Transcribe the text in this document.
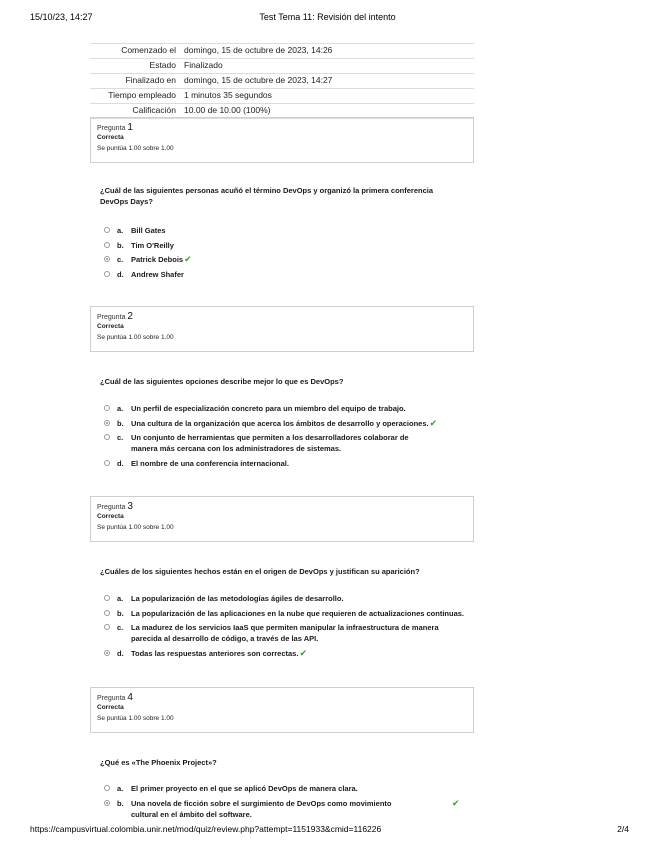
15/10/23, 14:27	Test Tema 11: Revisión del intento
Comenzado el domingo, 15 de octubre de 2023, 14:26
Estado Finalizado
Finalizado en domingo, 15 de octubre de 2023, 14:27
Tiempo empleado 1 minutos 35 segundos
Calificación 10.00 de 10.00 (100%)
Pregunta 1
Correcta
Se puntúa 1.00 sobre 1.00
¿Cuál de las siguientes personas acuñó el término DevOps y organizó la primera conferencia DevOps Days?
a.	Bill Gates
b. Tim O'Reilly
c.	Patrick Debois✔
d. Andrew Shafer
Pregunta 2
Correcta
Se puntúa 1.00 sobre 1.00
¿Cuál de las siguientes opciones describe mejor lo que es DevOps?
a.	Un perfil de especialización concreto para un miembro del equipo de trabajo.
b. Una cultura de la organización que acerca los ámbitos de desarrollo y operaciones.✔
c.	Un conjunto de herramientas que permiten a los desarrolladores colaborar de manera más cercana con los administradores de sistemas.
d. El nombre de una conferencia internacional.
Pregunta 3
Correcta
Se puntúa 1.00 sobre 1.00
¿Cuáles de los siguientes hechos están en el origen de DevOps y justifican su aparición?
a.	La popularización de las metodologías ágiles de desarrollo.
b. La popularización de las aplicaciones en la nube que requieren de actualizaciones continuas.
c.	La madurez de los servicios IaaS que permiten manipular la infraestructura de manera parecida al desarrollo de código, a través de las API.
d. Todas las respuestas anteriores son correctas.✔
Pregunta 4
Correcta
Se puntúa 1.00 sobre 1.00
¿Qué es «The Phoenix Project»?
a.	El primer proyecto en el que se aplicó DevOps de manera clara.
b. Una novela de ficción sobre el surgimiento de DevOps como movimiento cultural en el ámbito del software.
✔
https://campusvirtual.colombia.unir.net/mod/quiz/review.php?attempt=1151933&cmid=116226	2/4
